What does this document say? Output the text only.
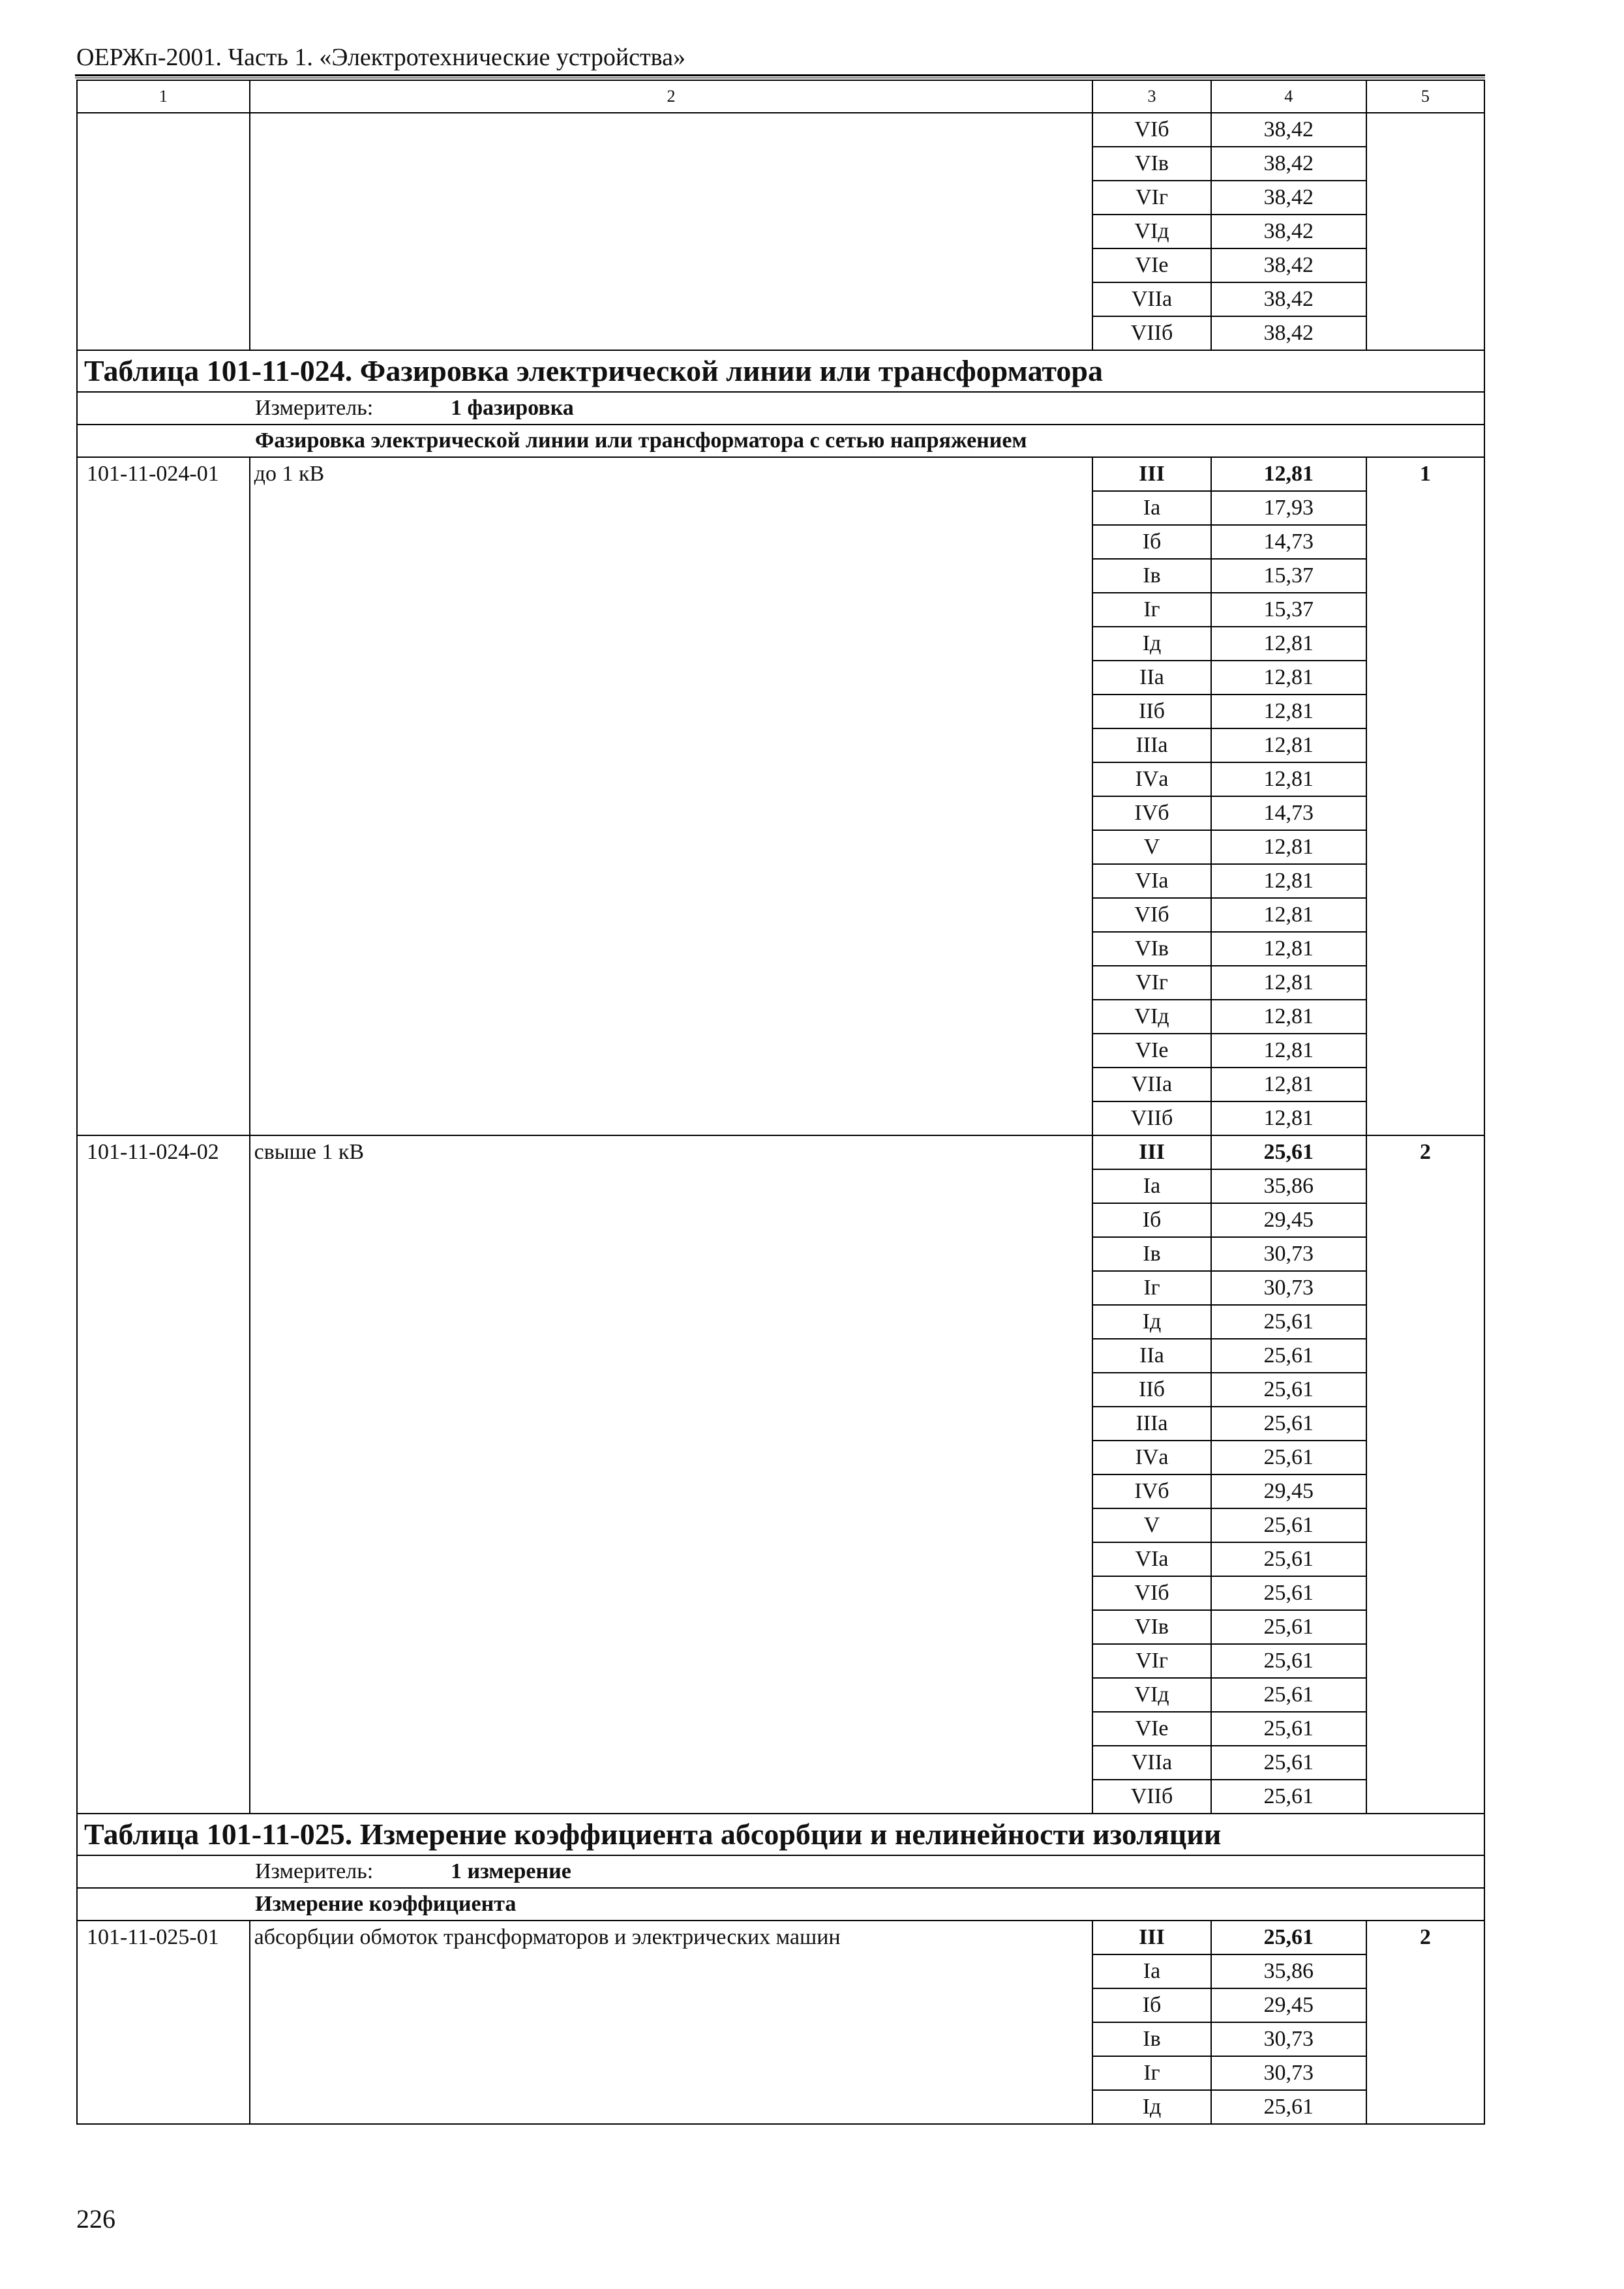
ОЕРЖп-2001. Часть 1. «Электротехнические устройства»
1	2	3	4	5
		VIб	38,42	
		VIв	38,42	
		VIг	38,42	
		VIд	38,42	
		VIе	38,42	
		VIIа	38,42	
		VIIб	38,42	
Таблица 101-11-024. Фазировка электрической линии или трансформатора				
Измеритель: 1 фазировка				
Фазировка электрической линии или трансформатора с сетью напряжением				
101-11-024-01	до 1 кВ	III	12,81	1
		Iа	17,93	
		Iб	14,73	
		Iв	15,37	
		Iг	15,37	
		Iд	12,81	
		IIа	12,81	
		IIб	12,81	
		IIIа	12,81	
		IVа	12,81	
		IVб	14,73	
		V	12,81	
		VIа	12,81	
		VIб	12,81	
		VIв	12,81	
		VIг	12,81	
		VIд	12,81	
		VIе	12,81	
		VIIа	12,81	
		VIIб	12,81	
101-11-024-02	свыше 1 кВ	III	25,61	2
		Iа	35,86	
		Iб	29,45	
		Iв	30,73	
		Iг	30,73	
		Iд	25,61	
		IIа	25,61	
		IIб	25,61	
		IIIа	25,61	
		IVа	25,61	
		IVб	29,45	
		V	25,61	
		VIа	25,61	
		VIб	25,61	
		VIв	25,61	
		VIг	25,61	
		VIд	25,61	
		VIе	25,61	
		VIIа	25,61	
		VIIб	25,61	
Таблица 101-11-025. Измерение коэффициента абсорбции и нелинейности изоляции				
Измеритель: 1 измерение				
Измерение коэффициента				
101-11-025-01	абсорбции обмоток трансформаторов и электрических машин	III	25,61	2
		Iа	35,86	
		Iб	29,45	
		Iв	30,73	
		Iг	30,73	
		Iд	25,61	
226
